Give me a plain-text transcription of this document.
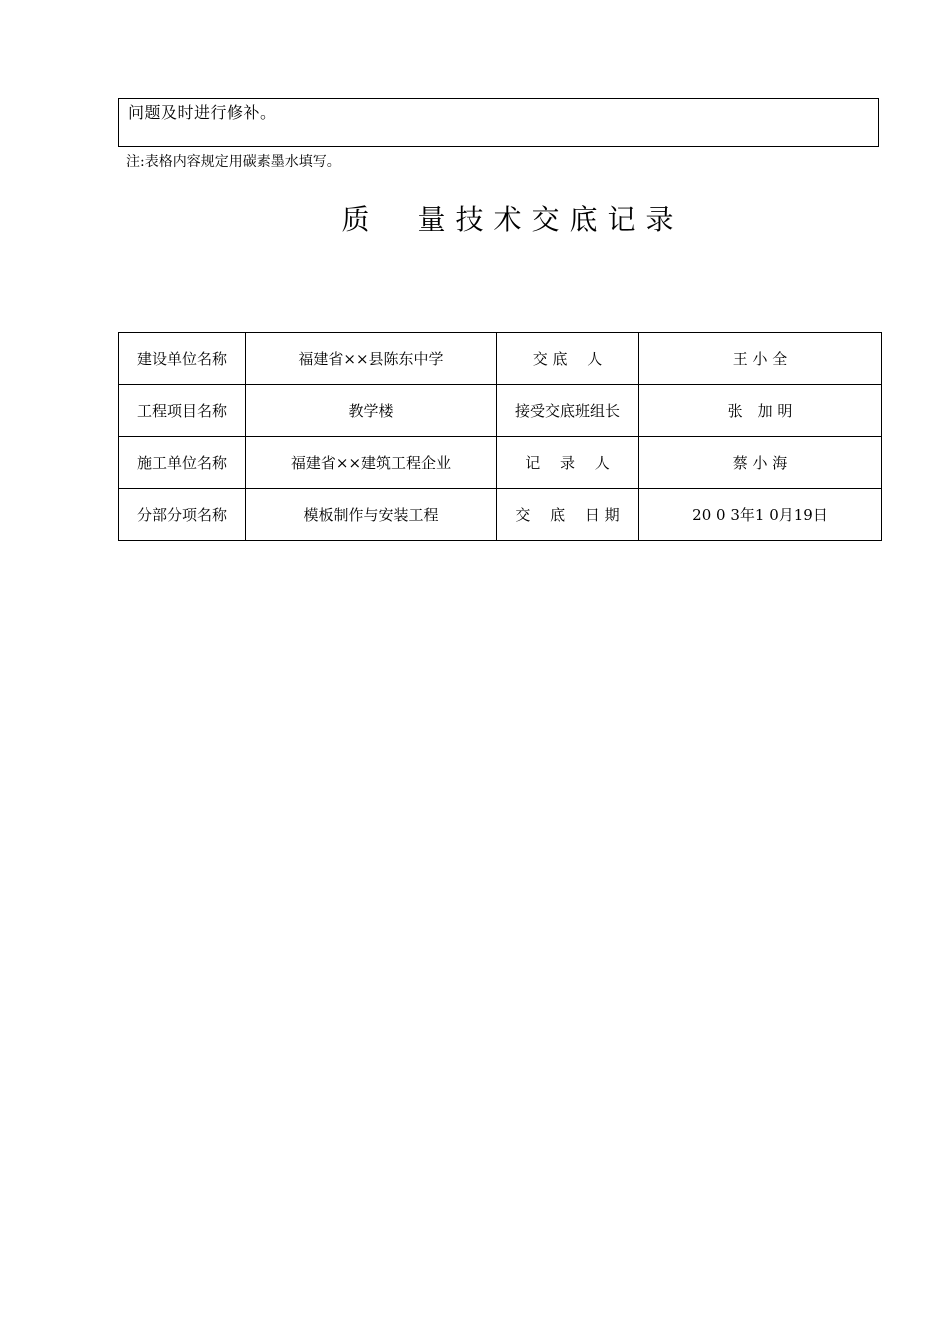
问题及时进行修补。
注:表格内容规定用碳素墨水填写。
质　量技术交底记录
建设单位名称	福建省××县陈东中学	交 底　 人	王 小 全
工程项目名称	教学楼	接受交底班组长	张　加 明
施工单位名称	福建省××建筑工程企业	记　 录　 人	蔡 小 海
分部分项名称	模板制作与安装工程	交　 底　 日 期	20 0 3年1 0月19日
